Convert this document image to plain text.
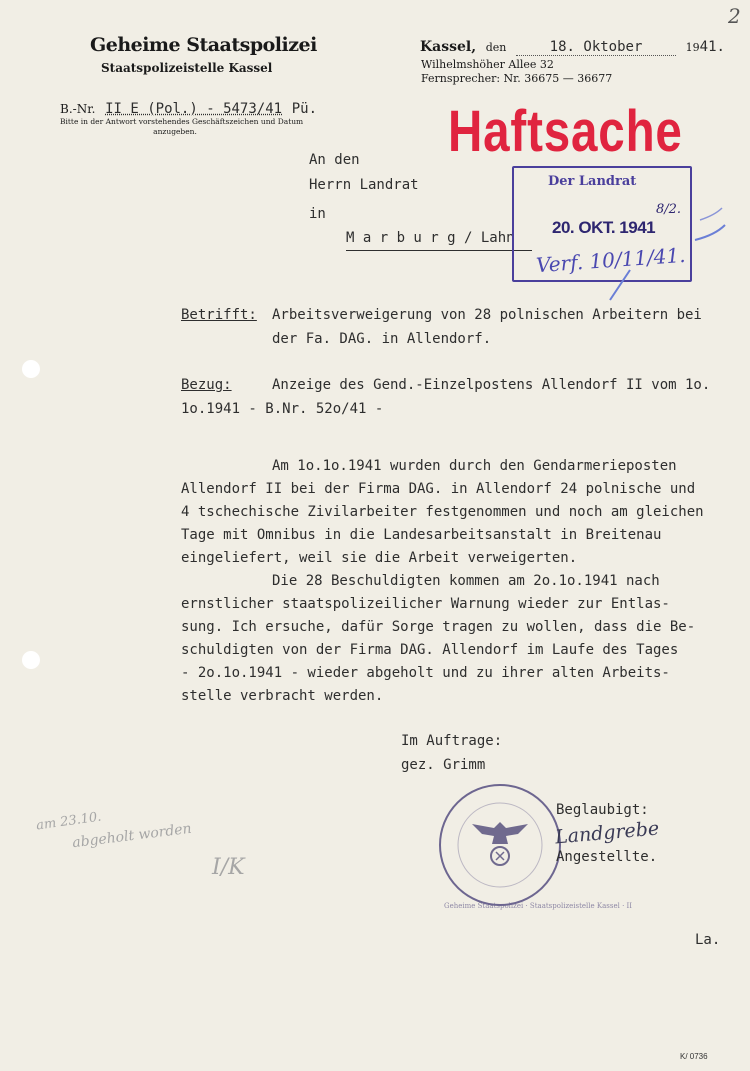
Geheime Staatspolizei
Staatspolizeistelle Kassel
Kassel, den	18. Oktober	1941.
Wilhelmshöher Allee 32
Fernsprecher: Nr. 36675 — 36677
B.-Nr. II E (Pol.) - 5473/41 Pü.
Bitte in der Antwort vorstehendes Geschäftszeichen und Datum
anzugeben.	Haftsache
An den
Herrn Landrat
in
M a r b u r g / Lahn
Der Landrat
20. OKT. 1941
8/2.
Verf. 10/11/41.
Betrifft: Arbeitsverweigerung von 28 polnischen Arbeitern bei
der Fa. DAG. in Allendorf.
Bezug:	Anzeige des Gend.-Einzelpostens Allendorf II vom 1o.
1o.1941 - B.Nr. 52o/41 -
Am 1o.1o.1941 wurden durch den Gendarmerieposten
Allendorf II bei der Firma DAG. in Allendorf 24 polnische und
4 tschechische Zivilarbeiter festgenommen und noch am gleichen
Tage mit Omnibus in die Landesarbeitsanstalt in Breitenau
eingeliefert, weil sie die Arbeit verweigerten.
Die 28 Beschuldigten kommen am 2o.1o.1941 nach
ernstlicher staatspolizeilicher Warnung wieder zur Entlas-
sung. Ich ersuche, dafür Sorge tragen zu wollen, dass die Be-
schuldigten von der Firma DAG. Allendorf im Laufe des Tages
- 2o.1o.1941 - wieder abgeholt und zu ihrer alten Arbeits-
stelle verbracht werden.
Im Auftrage:
gez. Grimm
Geheime Staatspolizei · Staatspolizeistelle Kassel · II
Beglaubigt:
Landgrebe
Angestellte.
am 23.10.
abgeholt worden
I/K
La.
2
K/ 0736
